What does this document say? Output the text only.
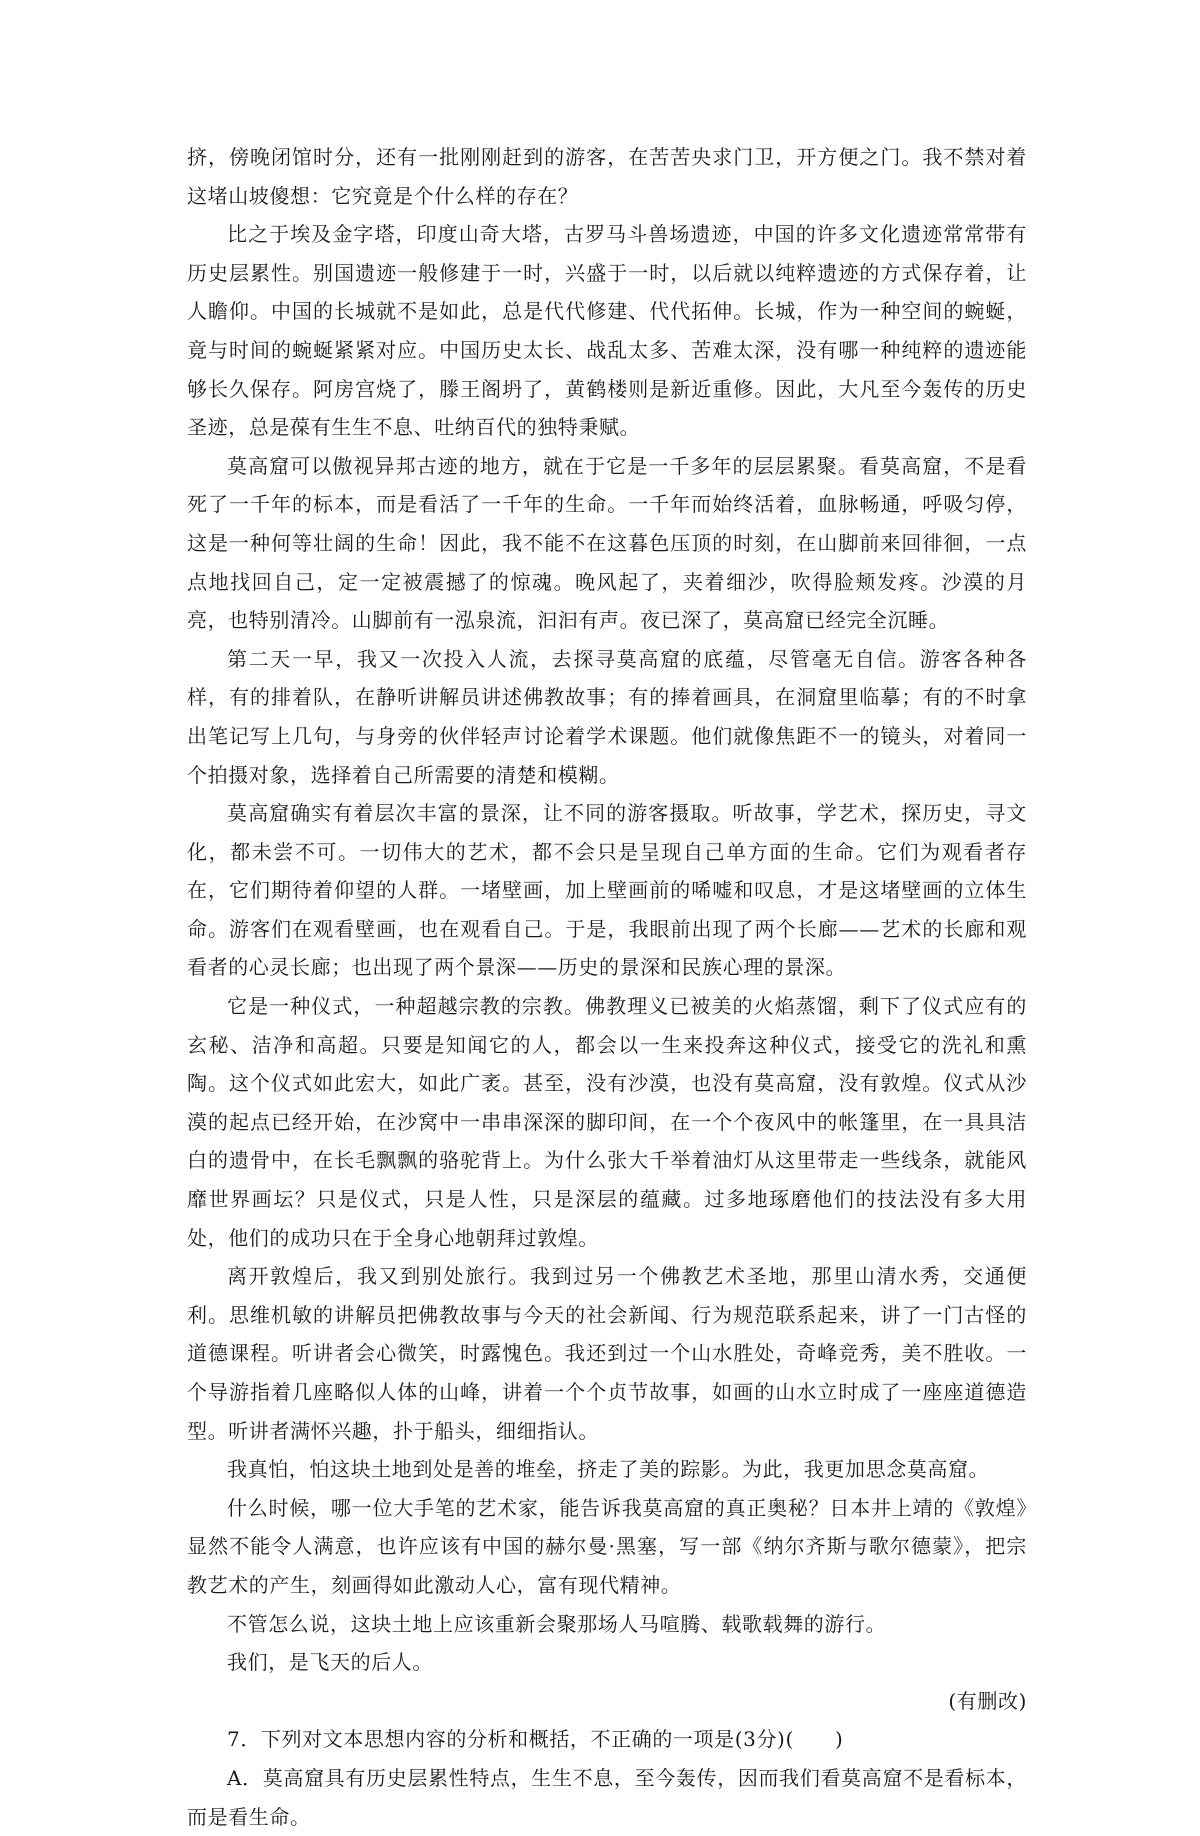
挤，傍晚闭馆时分，还有一批刚刚赶到的游客，在苦苦央求门卫，开方便之门。我不禁对着这堵山坡傻想：它究竟是个什么样的存在？

比之于埃及金字塔，印度山奇大塔，古罗马斗兽场遗迹，中国的许多文化遗迹常常带有历史层累性。别国遗迹一般修建于一时，兴盛于一时，以后就以纯粹遗迹的方式保存着，让人瞻仰。中国的长城就不是如此，总是代代修建、代代拓伸。长城，作为一种空间的蜿蜒，竟与时间的蜿蜒紧紧对应。中国历史太长、战乱太多、苦难太深，没有哪一种纯粹的遗迹能够长久保存。阿房宫烧了，滕王阁坍了，黄鹤楼则是新近重修。因此，大凡至今轰传的历史圣迹，总是葆有生生不息、吐纳百代的独特秉赋。

莫高窟可以傲视异邦古迹的地方，就在于它是一千多年的层层累聚。看莫高窟，不是看死了一千年的标本，而是看活了一千年的生命。一千年而始终活着，血脉畅通，呼吸匀停，这是一种何等壮阔的生命！因此，我不能不在这暮色压顶的时刻，在山脚前来回徘徊，一点点地找回自己，定一定被震撼了的惊魂。晚风起了，夹着细沙，吹得脸颊发疼。沙漠的月亮，也特别清冷。山脚前有一泓泉流，汩汩有声。夜已深了，莫高窟已经完全沉睡。

第二天一早，我又一次投入人流，去探寻莫高窟的底蕴，尽管毫无自信。游客各种各样，有的排着队，在静听讲解员讲述佛教故事；有的捧着画具，在洞窟里临摹；有的不时拿出笔记写上几句，与身旁的伙伴轻声讨论着学术课题。他们就像焦距不一的镜头，对着同一个拍摄对象，选择着自己所需要的清楚和模糊。

莫高窟确实有着层次丰富的景深，让不同的游客摄取。听故事，学艺术，探历史，寻文化，都未尝不可。一切伟大的艺术，都不会只是呈现自己单方面的生命。它们为观看者存在，它们期待着仰望的人群。一堵壁画，加上壁画前的唏嘘和叹息，才是这堵壁画的立体生命。游客们在观看壁画，也在观看自己。于是，我眼前出现了两个长廊——艺术的长廊和观看者的心灵长廊；也出现了两个景深——历史的景深和民族心理的景深。

它是一种仪式，一种超越宗教的宗教。佛教理义已被美的火焰蒸馏，剩下了仪式应有的玄秘、洁净和高超。只要是知闻它的人，都会以一生来投奔这种仪式，接受它的洗礼和熏陶。这个仪式如此宏大，如此广袤。甚至，没有沙漠，也没有莫高窟，没有敦煌。仪式从沙漠的起点已经开始，在沙窝中一串串深深的脚印间，在一个个夜风中的帐篷里，在一具具洁白的遗骨中，在长毛飘飘的骆驼背上。为什么张大千举着油灯从这里带走一些线条，就能风靡世界画坛？只是仪式，只是人性，只是深层的蕴藏。过多地琢磨他们的技法没有多大用处，他们的成功只在于全身心地朝拜过敦煌。

离开敦煌后，我又到别处旅行。我到过另一个佛教艺术圣地，那里山清水秀，交通便利。思维机敏的讲解员把佛教故事与今天的社会新闻、行为规范联系起来，讲了一门古怪的道德课程。听讲者会心微笑，时露愧色。我还到过一个山水胜处，奇峰竞秀，美不胜收。一个导游指着几座略似人体的山峰，讲着一个个贞节故事，如画的山水立时成了一座座道德造型。听讲者满怀兴趣，扑于船头，细细指认。

我真怕，怕这块土地到处是善的堆垒，挤走了美的踪影。为此，我更加思念莫高窟。

什么时候，哪一位大手笔的艺术家，能告诉我莫高窟的真正奥秘？日本井上靖的《敦煌》显然不能令人满意，也许应该有中国的赫尔曼·黑塞，写一部《纳尔齐斯与歌尔德蒙》，把宗教艺术的产生，刻画得如此激动人心，富有现代精神。

不管怎么说，这块土地上应该重新会聚那场人马喧腾、载歌载舞的游行。

我们，是飞天的后人。

(有删改)

7．下列对文本思想内容的分析和概括，不正确的一项是(3分)(　　)

A．莫高窟具有历史层累性特点，生生不息，至今轰传，因而我们看莫高窟不是看标本，而是看生命。
